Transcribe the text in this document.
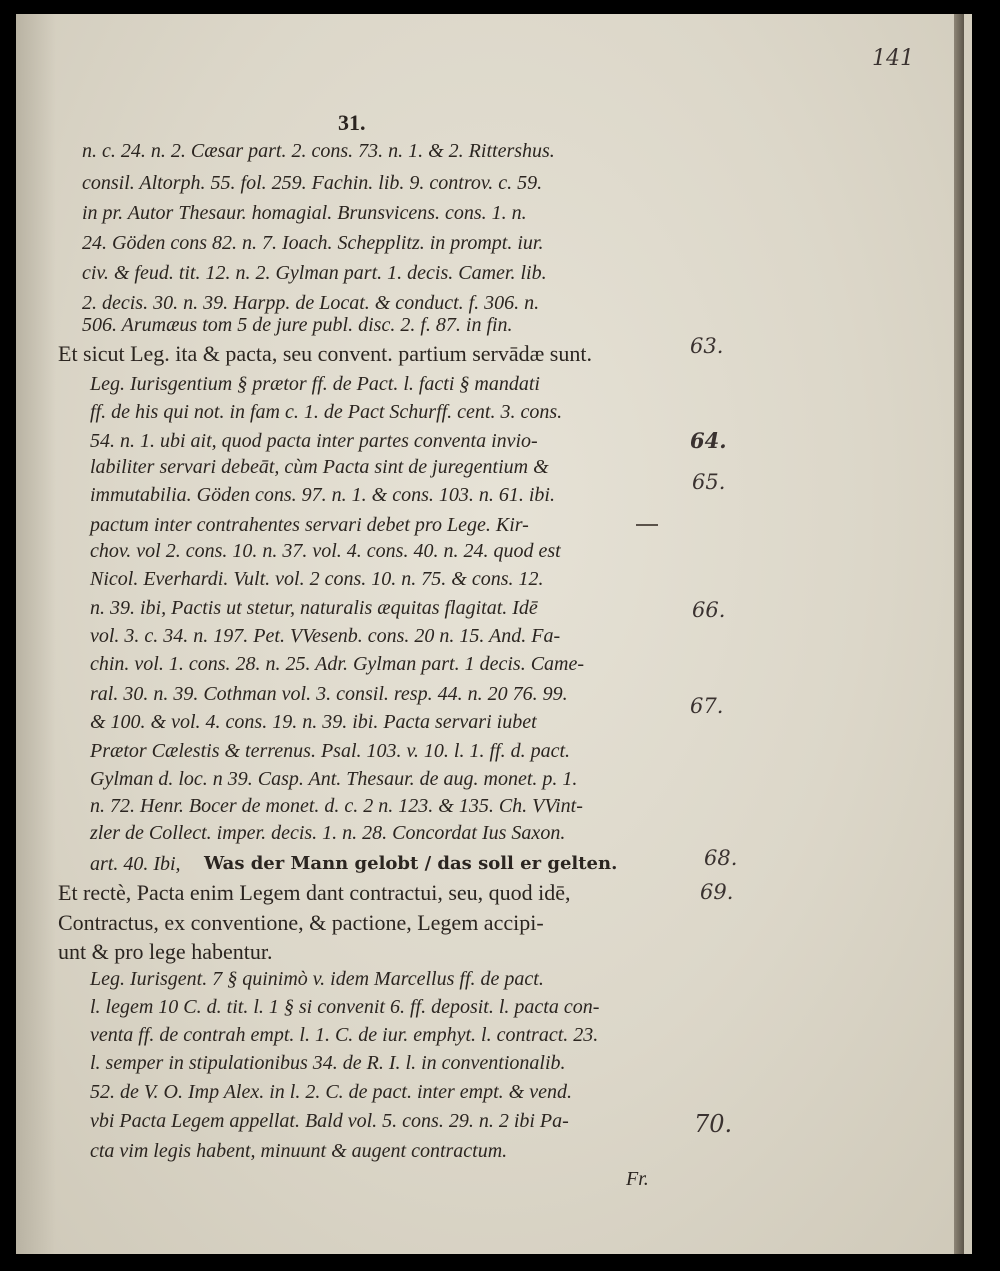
141
31.
n. c. 24. n. 2. Cæsar part. 2. cons. 73. n. 1. & 2. Rittershus.
consil. Altorph. 55. fol. 259. Fachin. lib. 9. controv. c. 59.
in pr. Autor Thesaur. homagial. Brunsvicens. cons. 1. n.
24. Göden cons 82. n. 7. Ioach. Schepplitz. in prompt. iur.
civ. & feud. tit. 12. n. 2. Gylman part. 1. decis. Camer. lib.
2. decis. 30. n. 39. Harpp. de Locat. & conduct. f. 306. n.
506. Arumæus tom 5 de jure publ. disc. 2. f. 87. in fin.
Et sicut Leg. ita & pacta, seu convent. partium servādæ sunt.
Leg. Iurisgentium § prætor ff. de Pact. l. facti § mandati
ff. de his qui not. in fam c. 1. de Pact Schurff. cent. 3. cons.
54. n. 1. ubi ait, quod pacta inter partes conventa invio-
labiliter servari debeāt, cùm Pacta sint de juregentium &
immutabilia. Göden cons. 97. n. 1. & cons. 103. n. 61. ibi.
pactum inter contrahentes servari debet pro Lege. Kir-
chov. vol 2. cons. 10. n. 37. vol. 4. cons. 40. n. 24. quod est
Nicol. Everhardi. Vult. vol. 2 cons. 10. n. 75. & cons. 12.
n. 39. ibi, Pactis ut stetur, naturalis æquitas flagitat. Idē
vol. 3. c. 34. n. 197. Pet. VVesenb. cons. 20 n. 15. And. Fa-
chin. vol. 1. cons. 28. n. 25. Adr. Gylman part. 1 decis. Came-
ral. 30. n. 39. Cothman vol. 3. consil. resp. 44. n. 20 76. 99.
& 100. & vol. 4. cons. 19. n. 39. ibi. Pacta servari iubet
Prætor Cælestis & terrenus. Psal. 103. v. 10. l. 1. ff. d. pact.
Gylman d. loc. n 39. Casp. Ant. Thesaur. de aug. monet. p. 1.
n. 72. Henr. Bocer de monet. d. c. 2 n. 123. & 135. Ch. VVint-
zler de Collect. imper. decis. 1. n. 28. Concordat Ius Saxon.
art. 40. Ibi, Was der Mann gelobt / das soll er gelten.
Et rectè, Pacta enim Legem dant contractui, seu, quod idē,
Contractus, ex conventione, & pactione, Legem accipi-
unt & pro lege habentur.
Leg. Iurisgent. 7 § quinimò v. idem Marcellus ff. de pact.
l. legem 10 C. d. tit. l. 1 § si convenit 6. ff. deposit. l. pacta con-
venta ff. de contrah empt. l. 1. C. de iur. emphyt. l. contract. 23.
l. semper in stipulationibus 34. de R. I. l. in conventionalib.
52. de V. O. Imp Alex. in l. 2. C. de pact. inter empt. & vend.
vbi Pacta Legem appellat. Bald vol. 5. cons. 29. n. 2 ibi Pa-
cta vim legis habent, minuunt & augent contractum.
Fr.
63.
64.
65.
66.
67.
68.
69.
70.
